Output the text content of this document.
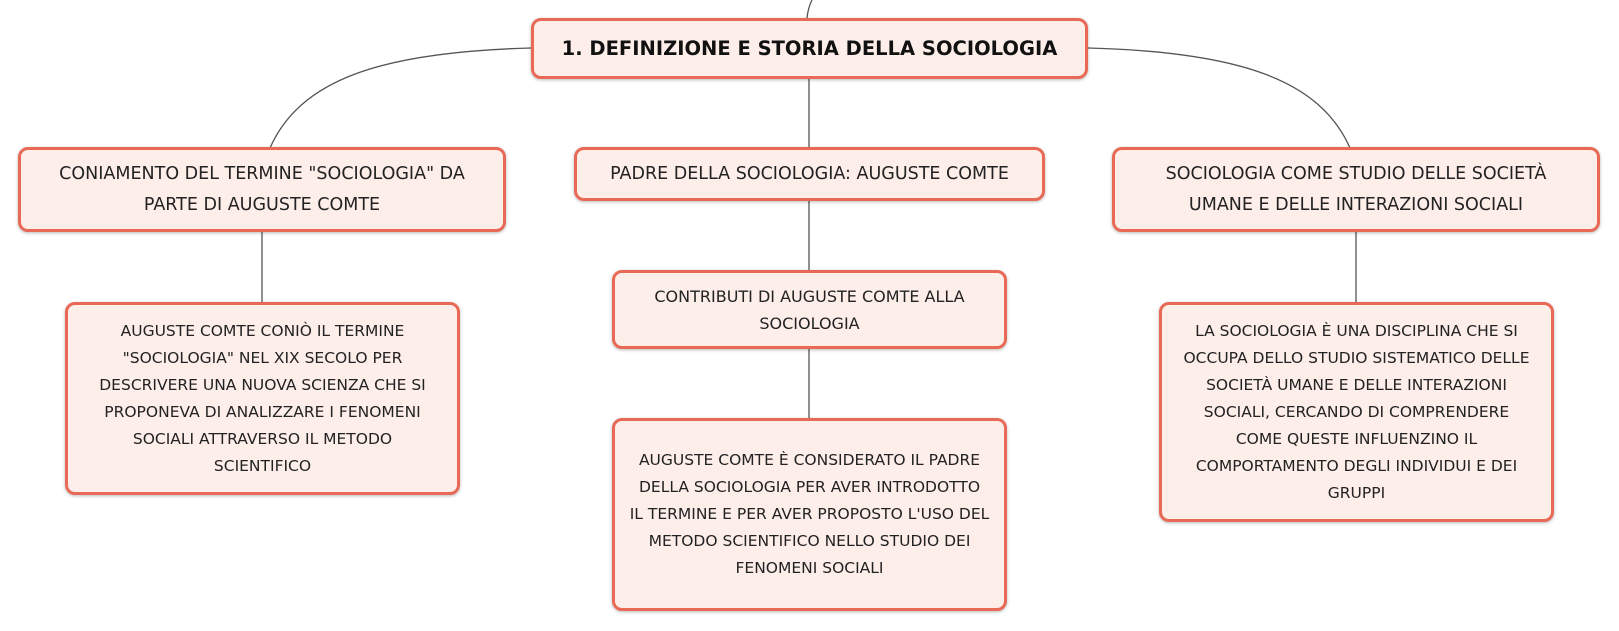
1. DEFINIZIONE E STORIA DELLA SOCIOLOGIA
CONIAMENTO DEL TERMINE "SOCIOLOGIA" DA
PARTE DI AUGUSTE COMTE
PADRE DELLA SOCIOLOGIA: AUGUSTE COMTE	SOCIOLOGIA COME STUDIO DELLE SOCIETÀ
UMANE E DELLE INTERAZIONI SOCIALI
AUGUSTE COMTE CONIÒ IL TERMINE
"SOCIOLOGIA" NEL XIX SECOLO PER
DESCRIVERE UNA NUOVA SCIENZA CHE SI
PROPONEVA DI ANALIZZARE I FENOMENI
SOCIALI ATTRAVERSO IL METODO
SCIENTIFICO
CONTRIBUTI DI AUGUSTE COMTE ALLA
SOCIOLOGIA
AUGUSTE COMTE È CONSIDERATO IL PADRE
DELLA SOCIOLOGIA PER AVER INTRODOTTO
IL TERMINE E PER AVER PROPOSTO L'USO DEL
METODO SCIENTIFICO NELLO STUDIO DEI
FENOMENI SOCIALI
LA SOCIOLOGIA È UNA DISCIPLINA CHE SI
OCCUPA DELLO STUDIO SISTEMATICO DELLE
SOCIETÀ UMANE E DELLE INTERAZIONI
SOCIALI, CERCANDO DI COMPRENDERE
COME QUESTE INFLUENZINO IL
COMPORTAMENTO DEGLI INDIVIDUI E DEI
GRUPPI
